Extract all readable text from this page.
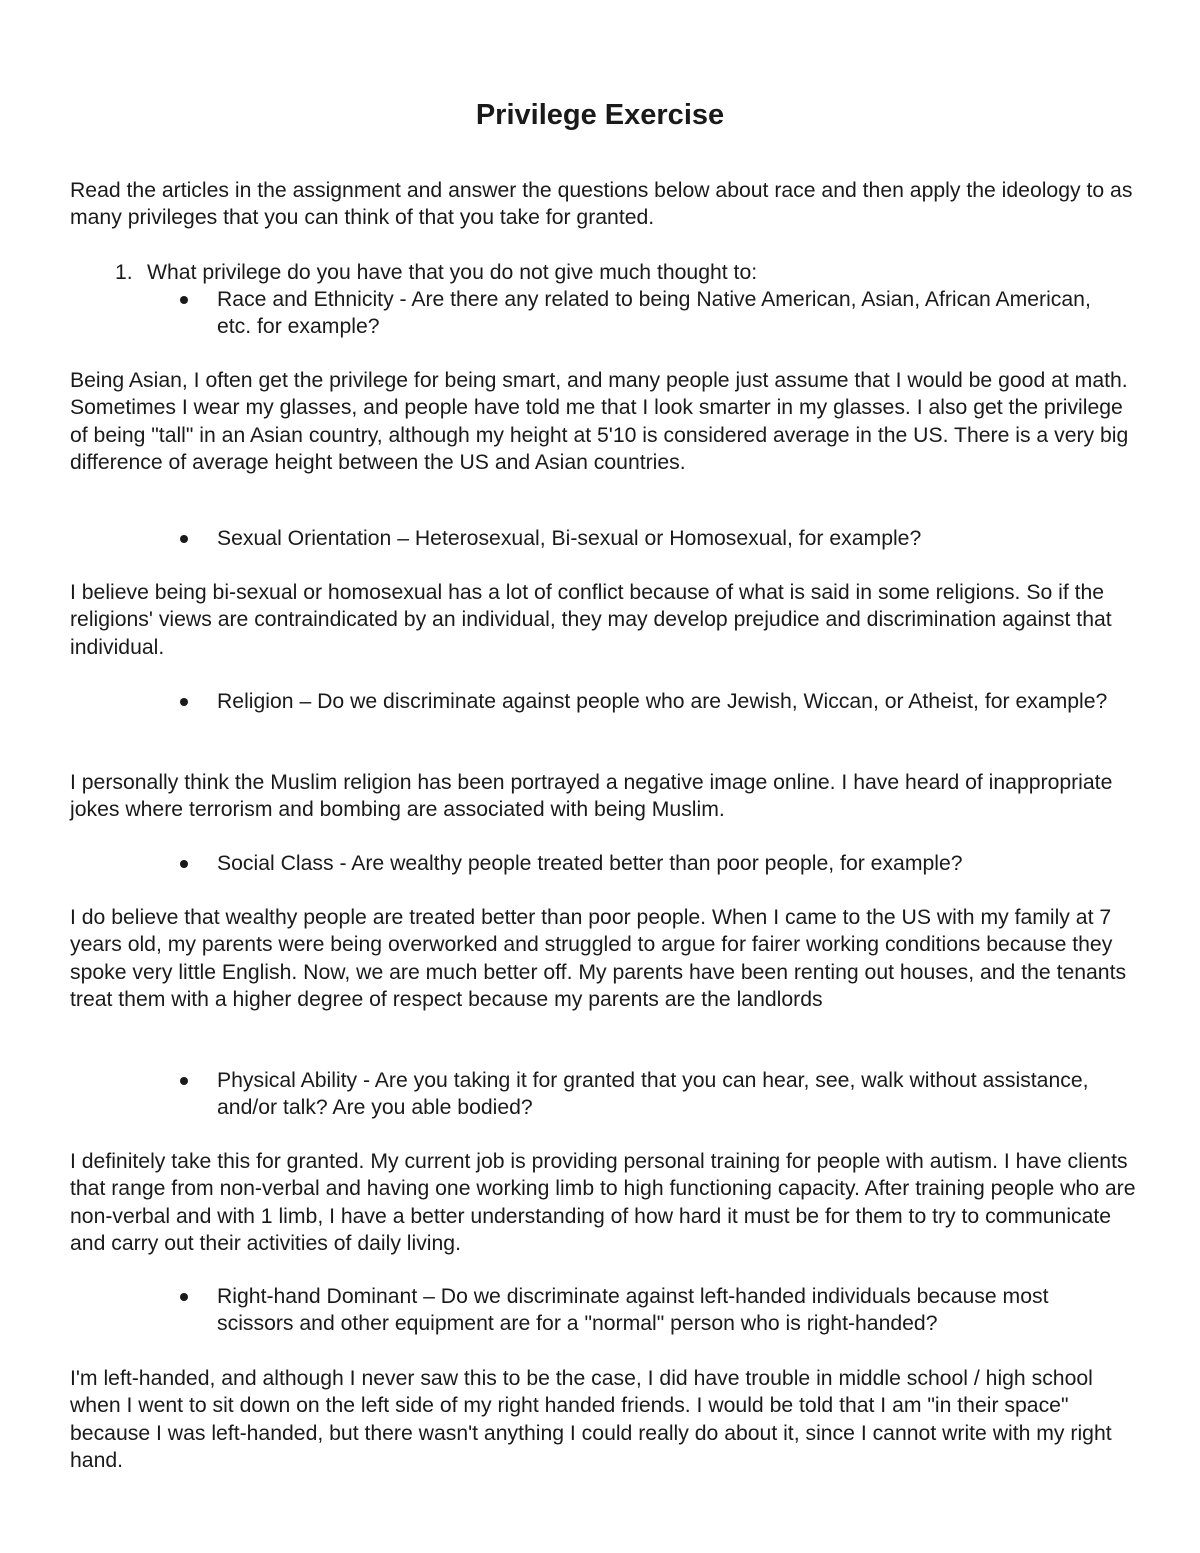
Privilege Exercise
Read the articles in the assignment and answer the questions below about race and then apply the ideology to as many privileges that you can think of that you take for granted.
1. What privilege do you have that you do not give much thought to:
Race and Ethnicity - Are there any related to being Native American, Asian, African American, etc. for example?
Being Asian, I often get the privilege for being smart, and many people just assume that I would be good at math. Sometimes I wear my glasses, and people have told me that I look smarter in my glasses. I also get the privilege of being "tall" in an Asian country, although my height at 5'10 is considered average in the US. There is a very big difference of average height between the US and Asian countries.
Sexual Orientation – Heterosexual, Bi-sexual or Homosexual, for example?
I believe being bi-sexual or homosexual has a lot of conflict because of what is said in some religions. So if the religions' views are contraindicated by an individual, they may develop prejudice and discrimination against that individual.
Religion – Do we discriminate against people who are Jewish, Wiccan, or Atheist, for example?
I personally think the Muslim religion has been portrayed a negative image online. I have heard of inappropriate jokes where terrorism and bombing are associated with being Muslim.
Social Class - Are wealthy people treated better than poor people, for example?
I do believe that wealthy people are treated better than poor people. When I came to the US with my family at 7 years old, my parents were being overworked and struggled to argue for fairer working conditions because they spoke very little English. Now, we are much better off. My parents have been renting out houses, and the tenants treat them with a higher degree of respect because my parents are the landlords
Physical Ability - Are you taking it for granted that you can hear, see, walk without assistance, and/or talk? Are you able bodied?
I definitely take this for granted. My current job is providing personal training for people with autism. I have clients that range from non-verbal and having one working limb to high functioning capacity. After training people who are non-verbal and with 1 limb, I have a better understanding of how hard it must be for them to try to communicate and carry out their activities of daily living.
Right-hand Dominant – Do we discriminate against left-handed individuals because most scissors and other equipment are for a "normal" person who is right-handed?
I'm left-handed, and although I never saw this to be the case, I did have trouble in middle school / high school when I went to sit down on the left side of my right handed friends. I would be told that I am "in their space" because I was left-handed, but there wasn't anything I could really do about it, since I cannot write with my right hand.
